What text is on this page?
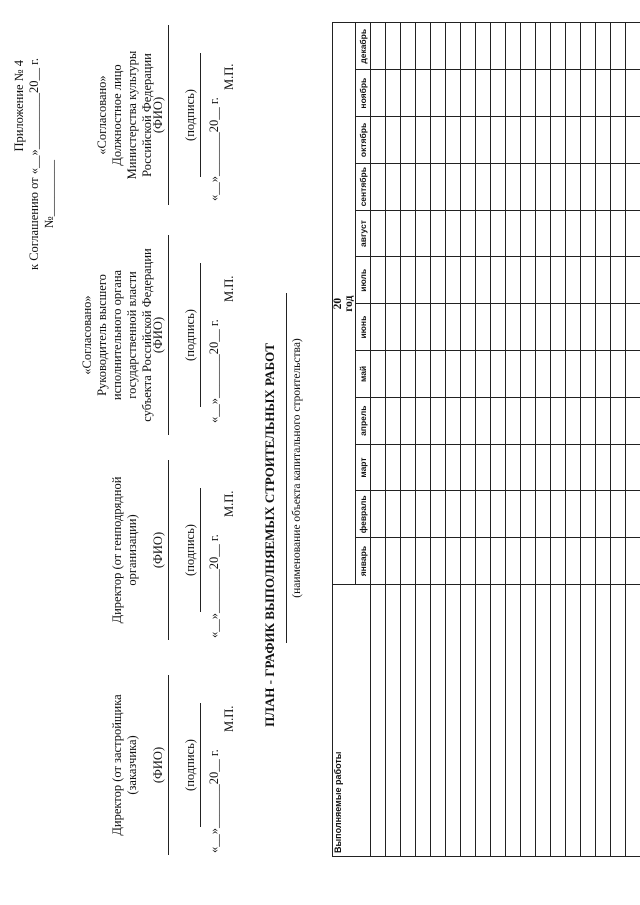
Приложение № 4 к Соглашению от «__»_________20__ г. №_________
Директор (от застройщика (заказчика) (ФИО) (подпись) «__»_______20__ г.
М.П.
Директор (от генподрядной организации) (ФИО) (подпись) «__»_______20__ г.
М.П.
«Согласовано» Руководитель высшего исполнительного органа государственной власти субъекта Российской Федерации
(ФИО) (подпись) «__»_______20__ г.
М.П.
«Согласовано» Должностное лицо Министерства культуры Российской Федерации
(ФИО) (подпись) «__»_______20__ г.
М.П.
ПЛАН - ГРАФИК ВЫПОЛНЯЕМЫХ СТРОИТЕЛЬНЫХ РАБОТ (наименование объекта капитального строительства)
Выполняемые работы	20
год											
	январь	февраль	март	апрель	май	июнь	июль	август	сентябрь	октябрь	ноябрь	декабрь
